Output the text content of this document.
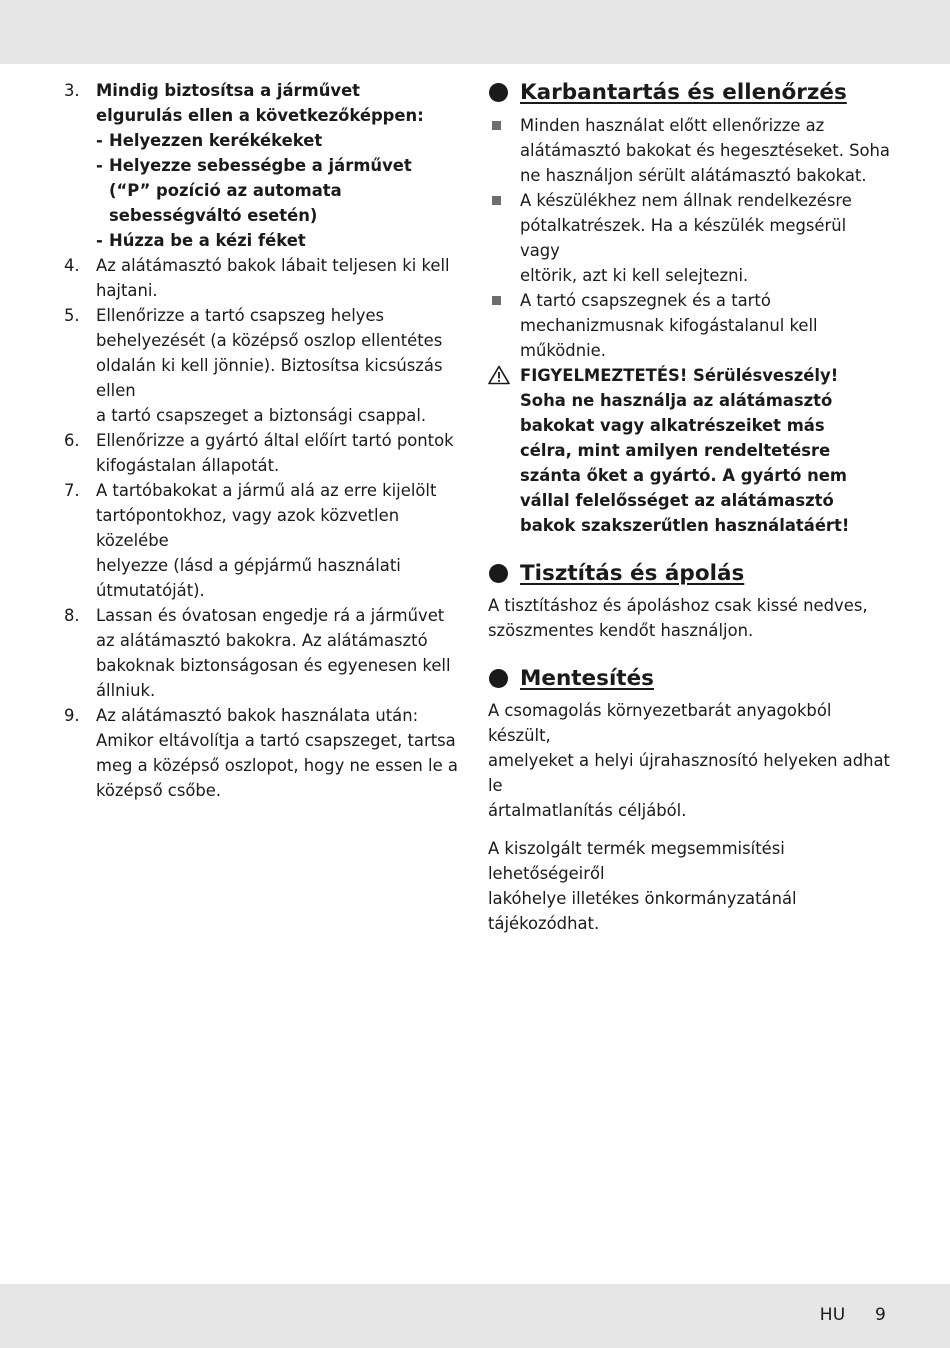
3. Mindig biztosítsa a járművet
elgurulás ellen a következőképpen:
- Helyezzen kerékékeket
- Helyezze sebességbe a járművet
(“P” pozíció az automata
sebességváltó esetén)
- Húzza be a kézi féket
4. Az alátámasztó bakok lábait teljesen ki kell
hajtani.
5. Ellenőrizze a tartó csapszeg helyes
behelyezését (a középső oszlop ellentétes
oldalán ki kell jönnie). Biztosítsa kicsúszás ellen
a tartó csapszeget a biztonsági csappal.
6. Ellenőrizze a gyártó által előírt tartó pontok
kifogástalan állapotát.
7. A tartóbakokat a jármű alá az erre kijelölt
tartópontokhoz, vagy azok közvetlen közelébe
helyezze (lásd a gépjármű használati
útmutatóját).
8. Lassan és óvatosan engedje rá a járművet
az alátámasztó bakokra. Az alátámasztó
bakoknak biztonságosan és egyenesen kell
állniuk.
9. Az alátámasztó bakok használata után:
Amikor eltávolítja a tartó csapszeget, tartsa
meg a középső oszlopot, hogy ne essen le a
középső csőbe.
Karbantartás és ellenőrzés
Minden használat előtt ellenőrizze az
alátámasztó bakokat és hegesztéseket. Soha
ne használjon sérült alátámasztó bakokat.
A készülékhez nem állnak rendelkezésre
pótalkatrészek. Ha a készülék megsérül vagy
eltörik, azt ki kell selejtezni.
A tartó csapszegnek és a tartó
mechanizmusnak kifogástalanul kell működnie.
FIGYELMEZTETÉS! Sérülésveszély!
Soha ne használja az alátámasztó
bakokat vagy alkatrészeiket más
célra, mint amilyen rendeltetésre
szánta őket a gyártó. A gyártó nem
vállal felelősséget az alátámasztó
bakok szakszerűtlen használatáért!
Tisztítás és ápolás
A tisztításhoz és ápoláshoz csak kissé nedves,
szöszmentes kendőt használjon.
Mentesítés
A csomagolás környezetbarát anyagokból készült,
amelyeket a helyi újrahasznosító helyeken adhat le
ártalmatlanítás céljából.
A kiszolgált termék megsemmisítési lehetőségeiről
lakóhelye illetékes önkormányzatánál tájékozódhat.
HU 9
